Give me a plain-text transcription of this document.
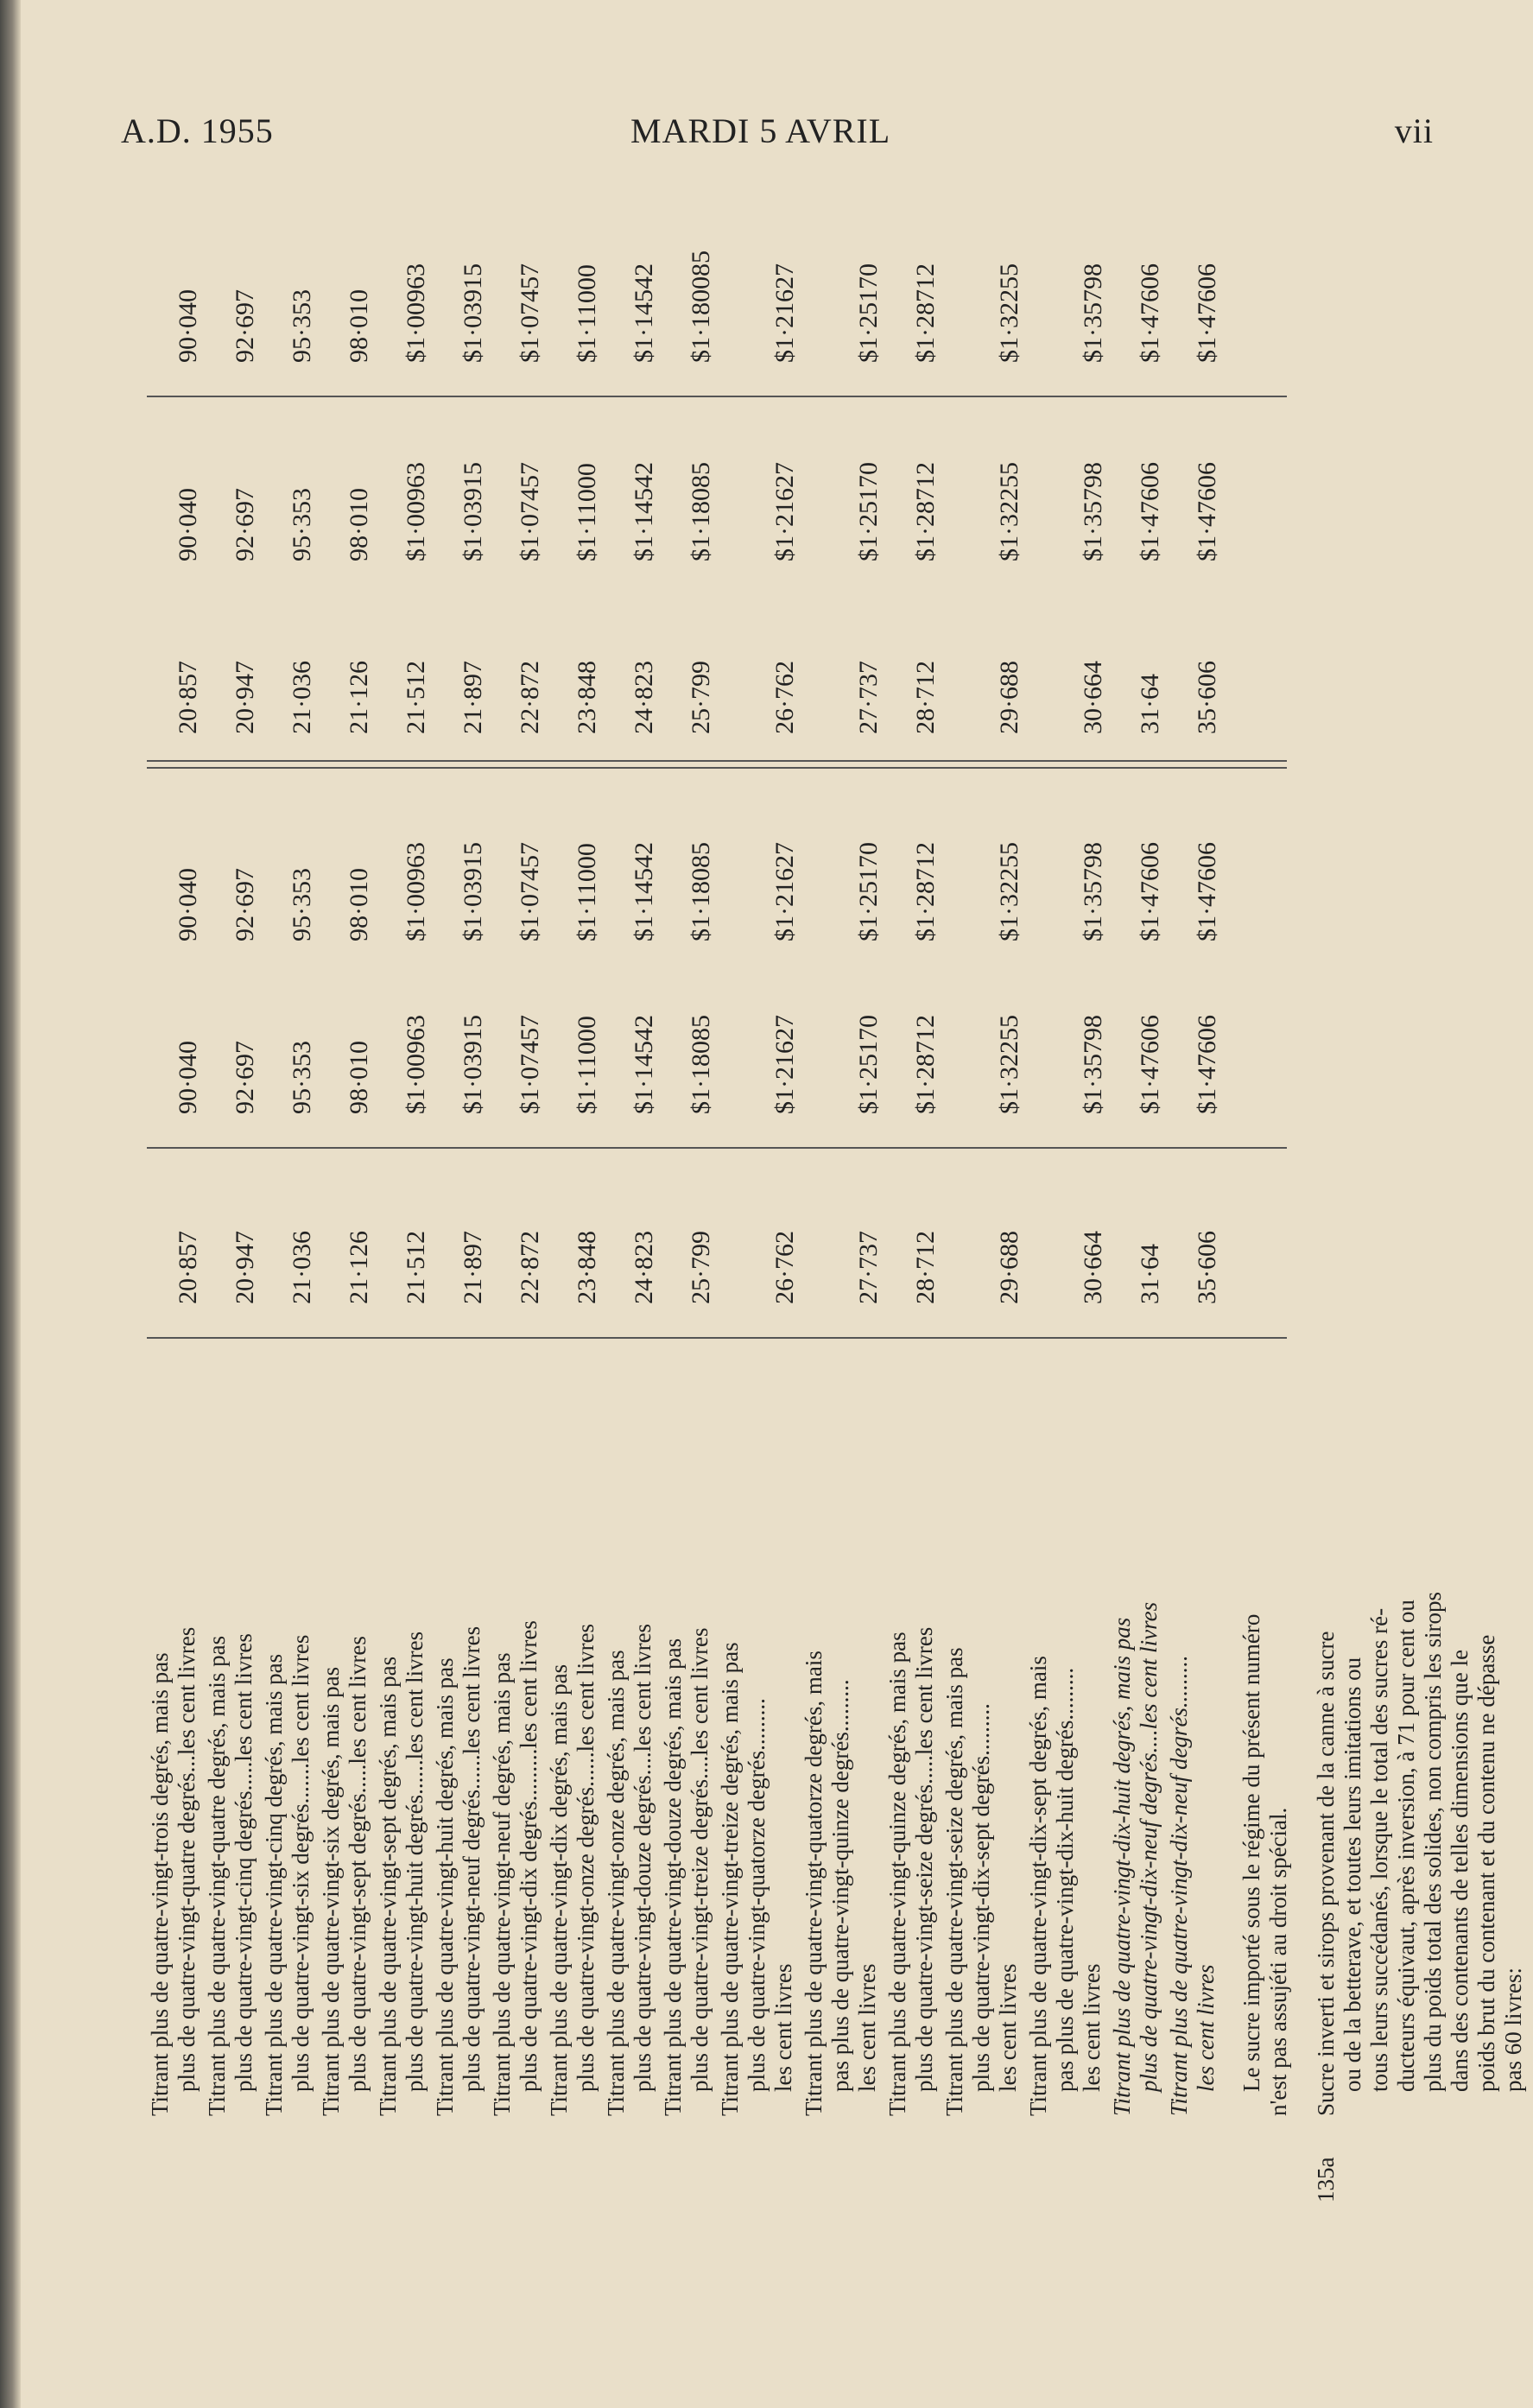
A.D. 1955	MARDI 5 AVRIL	vii
Titrant plus de quatre-vingt-trois degrés, mais pas plus de quatre-vingt-quatre degrés...les cent livres Titrant plus de quatre-vingt-quatre degrés, mais pas plus de quatre-vingt-cinq degrés.....les cent livres Titrant plus de quatre-vingt-cinq degrés, mais pas plus de quatre-vingt-six degrés.......les cent livres Titrant plus de quatre-vingt-six degrés, mais pas plus de quatre-vingt-sept degrés.....les cent livres Titrant plus de quatre-vingt-sept degrés, mais pas plus de quatre-vingt-huit degrés......les cent livres Titrant plus de quatre-vingt-huit degrés, mais pas plus de quatre-vingt-neuf degrés......les cent livres Titrant plus de quatre-vingt-neuf degrés, mais pas plus de quatre-vingt-dix degrés.........les cent livres Titrant plus de quatre-vingt-dix degrés, mais pas plus de quatre-vingt-onze degrés......les cent livres Titrant plus de quatre-vingt-onze degrés, mais pas plus de quatre-vingt-douze degrés....les cent livres Titrant plus de quatre-vingt-douze degrés, mais pas plus de quatre-vingt-treize degrés....les cent livres Titrant plus de quatre-vingt-treize degrés, mais pas plus de quatre-vingt-quatorze degrés......... les cent livres Titrant plus de quatre-vingt-quatorze degrés, mais pas plus de quatre-vingt-quinze degrés......... les cent livres Titrant plus de quatre-vingt-quinze degrés, mais pas plus de quatre-vingt-seize degrés.....les cent livres Titrant plus de quatre-vingt-seize degrés, mais pas plus de quatre-vingt-dix-sept degrés......... les cent livres Titrant plus de quatre-vingt-dix-sept degrés, mais pas plus de quatre-vingt-dix-huit degrés......... les cent livres Titrant plus de quatre-vingt-dix-huit degrés, mais pas plus de quatre-vingt-dix-neuf degrés....les cent livres Titrant plus de quatre-vingt-dix-neuf degrés......... les cent livres Le sucre importé sous le régime du présent numéro n'est pas assujéti au droit spécial.
135a
Sucre inverti et sirops provenant de la canne à sucre ou de la betterave, et toutes leurs imitations ou tous leurs succédanés, lorsque le total des sucres ré- ducteurs équivaut, après inversion, à 71 pour cent ou plus du poids total des solides, non compris les sirops dans des contenants de telles dimensions que le poids brut du contenant et du contenu ne dépasse pas 60 livres:
20·857 20·947 21·036 21·126 21·512 21·897 22·872 23·848 24·823 25·799 26·762 27·737 28·712 29·688 30·664 31·64 35·606
90·040 92·697 95·353 98·010 $1·00963 $1·03915 $1·07457 $1·11000 $1·14542 $1·18085 $1·21627 $1·25170 $1·28712 $1·32255 $1·35798 $1·47606 $1·47606
90·040 92·697 95·353 98·010 $1·00963 $1·03915 $1·07457 $1·11000 $1·14542 $1·18085 $1·21627 $1·25170 $1·28712 $1·32255 $1·35798 $1·47606 $1·47606
20·857 20·947 21·036 21·126 21·512 21·897 22·872 23·848 24·823 25·799 26·762 27·737 28·712 29·688 30·664 31·64 35·606
90·040 92·697 95·353 98·010 $1·00963 $1·03915 $1·07457 $1·11000 $1·14542 $1·18085 $1·21627 $1·25170 $1·28712 $1·32255 $1·35798 $1·47606 $1·47606
90·040 92·697 95·353 98·010 $1·00963 $1·03915 $1·07457 $1·11000 $1·14542 $1·180085 $1·21627 $1·25170 $1·28712 $1·32255 $1·35798 $1·47606 $1·47606
